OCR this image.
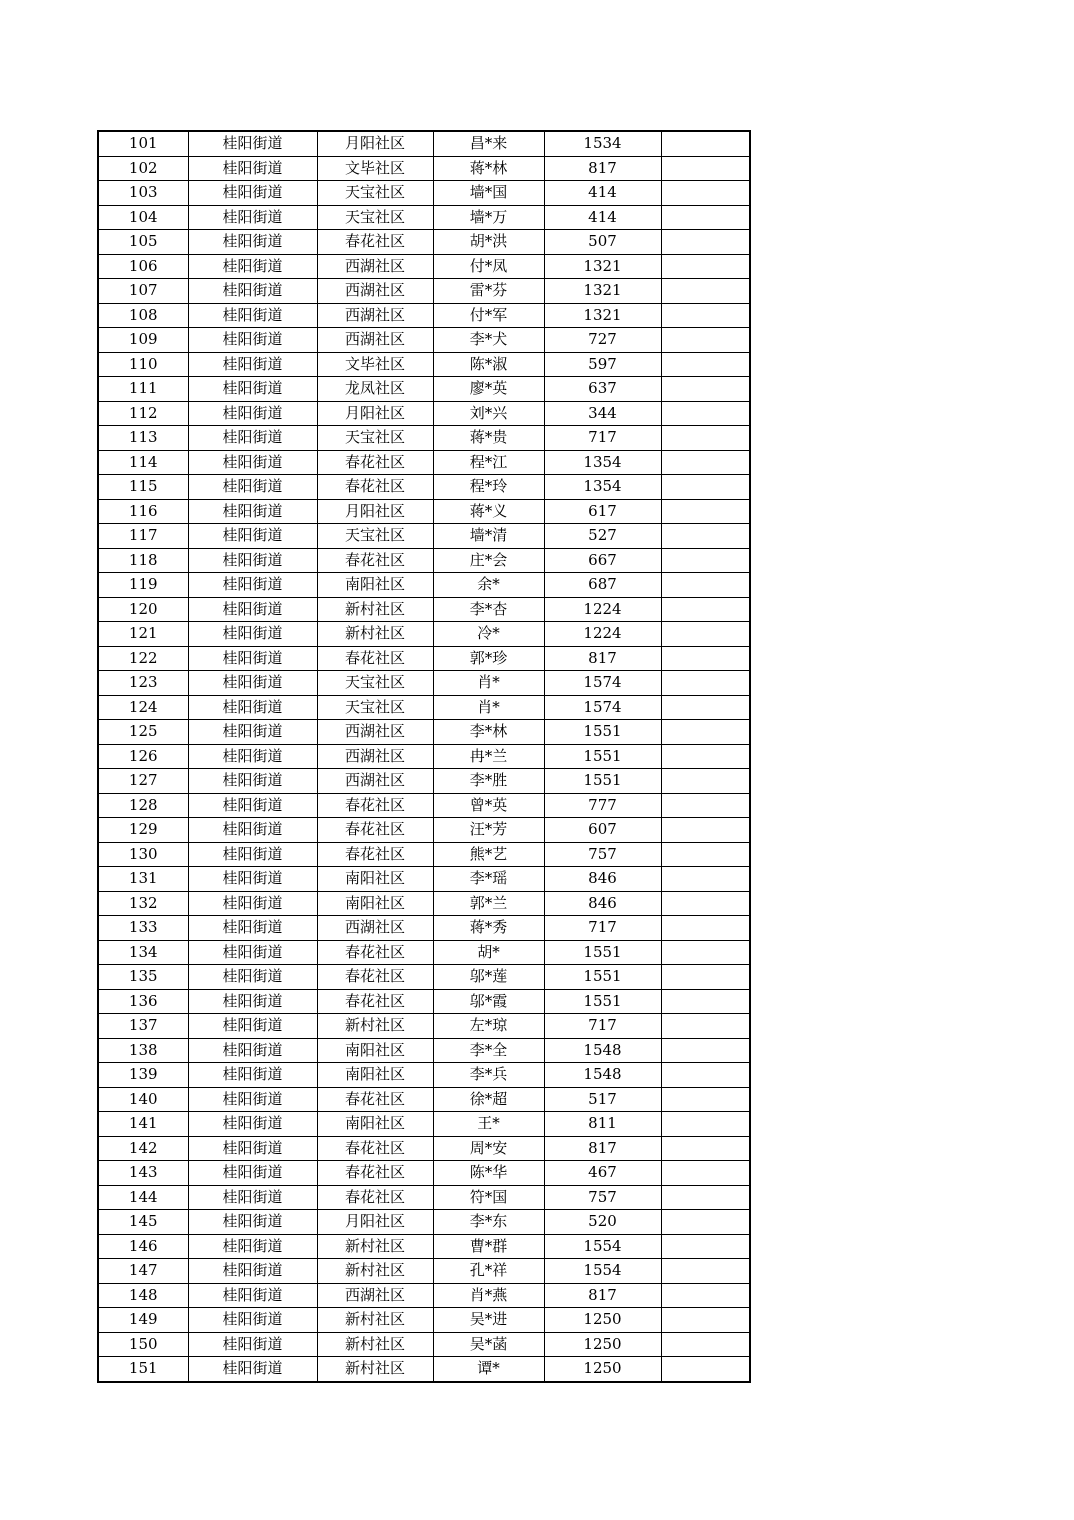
101	桂阳街道	月阳社区	昌*来	1534	
102	桂阳街道	文毕社区	蒋*林	817	
103	桂阳街道	天宝社区	墙*国	414	
104	桂阳街道	天宝社区	墙*万	414	
105	桂阳街道	春花社区	胡*洪	507	
106	桂阳街道	西湖社区	付*凤	1321	
107	桂阳街道	西湖社区	雷*芬	1321	
108	桂阳街道	西湖社区	付*军	1321	
109	桂阳街道	西湖社区	李*犬	727	
110	桂阳街道	文毕社区	陈*淑	597	
111	桂阳街道	龙凤社区	廖*英	637	
112	桂阳街道	月阳社区	刘*兴	344	
113	桂阳街道	天宝社区	蒋*贵	717	
114	桂阳街道	春花社区	程*江	1354	
115	桂阳街道	春花社区	程*玲	1354	
116	桂阳街道	月阳社区	蒋*义	617	
117	桂阳街道	天宝社区	墙*清	527	
118	桂阳街道	春花社区	庄*会	667	
119	桂阳街道	南阳社区	余*	687	
120	桂阳街道	新村社区	李*杏	1224	
121	桂阳街道	新村社区	冷*	1224	
122	桂阳街道	春花社区	郭*珍	817	
123	桂阳街道	天宝社区	肖*	1574	
124	桂阳街道	天宝社区	肖*	1574	
125	桂阳街道	西湖社区	李*林	1551	
126	桂阳街道	西湖社区	冉*兰	1551	
127	桂阳街道	西湖社区	李*胜	1551	
128	桂阳街道	春花社区	曾*英	777	
129	桂阳街道	春花社区	汪*芳	607	
130	桂阳街道	春花社区	熊*艺	757	
131	桂阳街道	南阳社区	李*瑶	846	
132	桂阳街道	南阳社区	郭*兰	846	
133	桂阳街道	西湖社区	蒋*秀	717	
134	桂阳街道	春花社区	胡*	1551	
135	桂阳街道	春花社区	邬*莲	1551	
136	桂阳街道	春花社区	邬*霞	1551	
137	桂阳街道	新村社区	左*琼	717	
138	桂阳街道	南阳社区	李*全	1548	
139	桂阳街道	南阳社区	李*兵	1548	
140	桂阳街道	春花社区	徐*超	517	
141	桂阳街道	南阳社区	王*	811	
142	桂阳街道	春花社区	周*安	817	
143	桂阳街道	春花社区	陈*华	467	
144	桂阳街道	春花社区	符*国	757	
145	桂阳街道	月阳社区	李*东	520	
146	桂阳街道	新村社区	曹*群	1554	
147	桂阳街道	新村社区	孔*祥	1554	
148	桂阳街道	西湖社区	肖*燕	817	
149	桂阳街道	新村社区	吴*进	1250	
150	桂阳街道	新村社区	吴*菡	1250	
151	桂阳街道	新村社区	谭*	1250	
